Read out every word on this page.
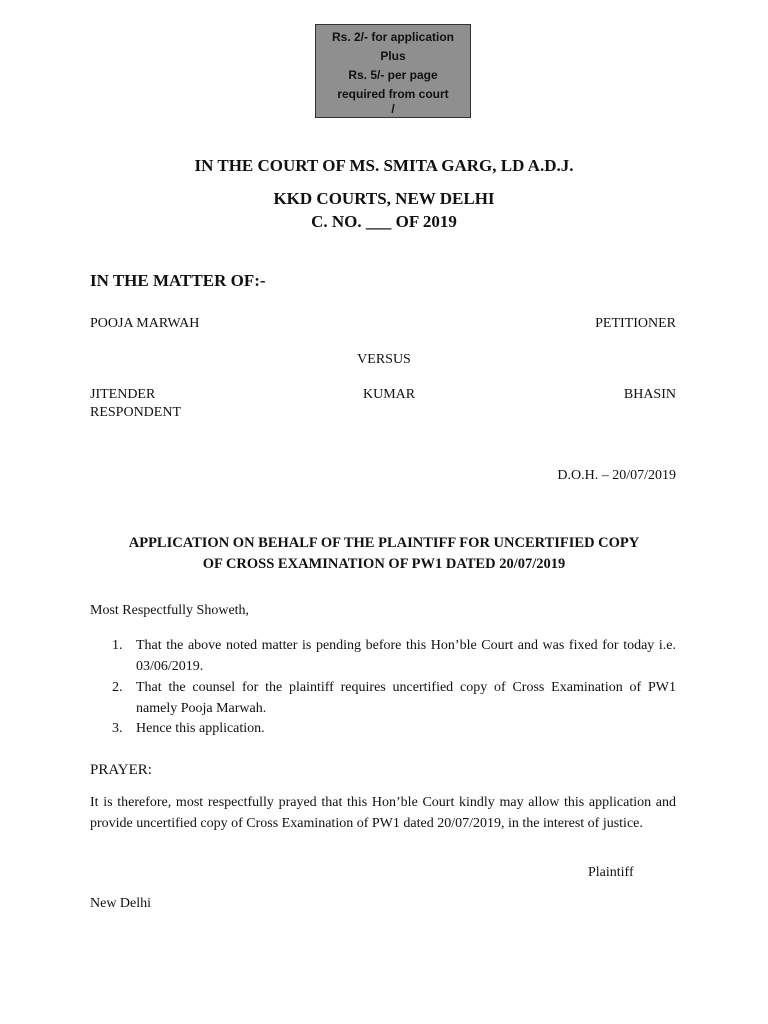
Rs. 2/- for application
Plus
Rs. 5/- per page
required from court
/
IN THE COURT OF MS. SMITA GARG, LD A.D.J.
KKD COURTS, NEW DELHI
C. NO. ___ OF 2019
IN THE MATTER OF:-
POOJA MARWAH	PETITIONER
VERSUS
JITENDER	KUMAR	BHASIN
RESPONDENT
D.O.H. – 20/07/2019
APPLICATION ON BEHALF OF THE PLAINTIFF FOR UNCERTIFIED COPY
OF CROSS EXAMINATION OF PW1 DATED 20/07/2019
Most Respectfully Showeth,
1. That the above noted matter is pending before this Hon’ble Court and was fixed for today i.e. 03/06/2019.
2. That the counsel for the plaintiff requires uncertified copy of Cross Examination of PW1 namely Pooja Marwah.
3. Hence this application.
PRAYER:
It is therefore, most respectfully prayed that this Hon’ble Court kindly may allow this application and provide uncertified copy of Cross Examination of PW1 dated 20/07/2019, in the interest of justice.
Plaintiff
New Delhi
